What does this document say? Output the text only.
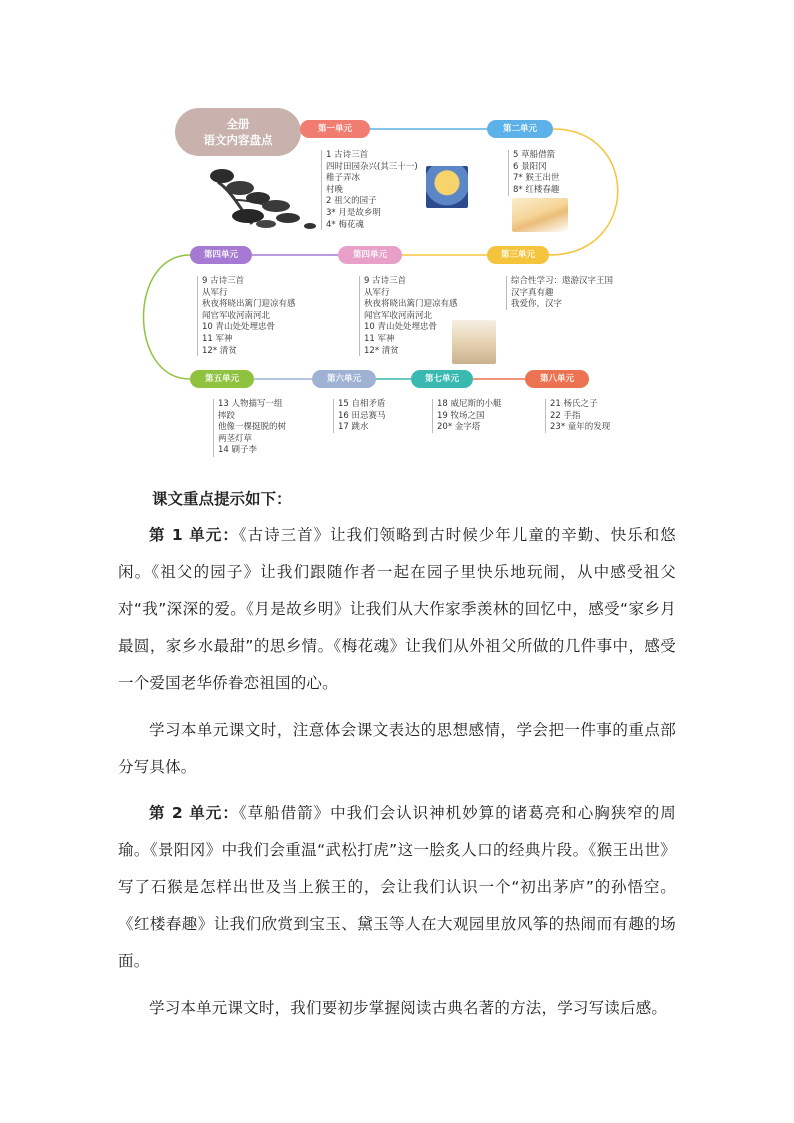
全册
语文内容盘点
第一单元	第二单元
第三单元
第四单元	第四单元
第五单元	第六单元	第七单元	第八单元
1 古诗三首
四时田园杂兴(其三十一)
稚子弄冰
村晚
2 祖父的园子
3* 月是故乡明
4* 梅花魂
5 草船借箭
6 景阳冈
7* 猴王出世
8* 红楼春趣
综合性学习：遨游汉字王国
汉字真有趣
我爱你，汉字
9 古诗三首
从军行
秋夜将晓出篱门迎凉有感
闻官军收河南河北
10 青山处处埋忠骨
11 军神
12* 清贫
9 古诗三首
从军行
秋夜将晓出篱门迎凉有感
闻官军收河南河北
10 青山处处埋忠骨
11 军神
12* 清贫
13 人物描写一组
摔跤
他像一棵挺脱的树
两茎灯草
14 刷子李
15 自相矛盾
16 田忌赛马
17 跳水
18 威尼斯的小艇
19 牧场之国
20* 金字塔
21 杨氏之子
22 手指
23* 童年的发现
课文重点提示如下：
第 1 单元：《古诗三首》让我们领略到古时候少年儿童的辛勤、快乐和悠闲。《祖父的园子》让我们跟随作者一起在园子里快乐地玩闹，从中感受祖父对“我”深深的爱。《月是故乡明》让我们从大作家季羡林的回忆中，感受“家乡月最圆，家乡水最甜”的思乡情。《梅花魂》让我们从外祖父所做的几件事中，感受一个爱国老华侨眷恋祖国的心。
学习本单元课文时，注意体会课文表达的思想感情，学会把一件事的重点部分写具体。
第 2 单元：《草船借箭》中我们会认识神机妙算的诸葛亮和心胸狭窄的周瑜。《景阳冈》中我们会重温“武松打虎”这一脍炙人口的经典片段。《猴王出世》写了石猴是怎样出世及当上猴王的，会让我们认识一个“初出茅庐”的孙悟空。《红楼春趣》让我们欣赏到宝玉、黛玉等人在大观园里放风筝的热闹而有趣的场面。
学习本单元课文时，我们要初步掌握阅读古典名著的方法，学习写读后感。
